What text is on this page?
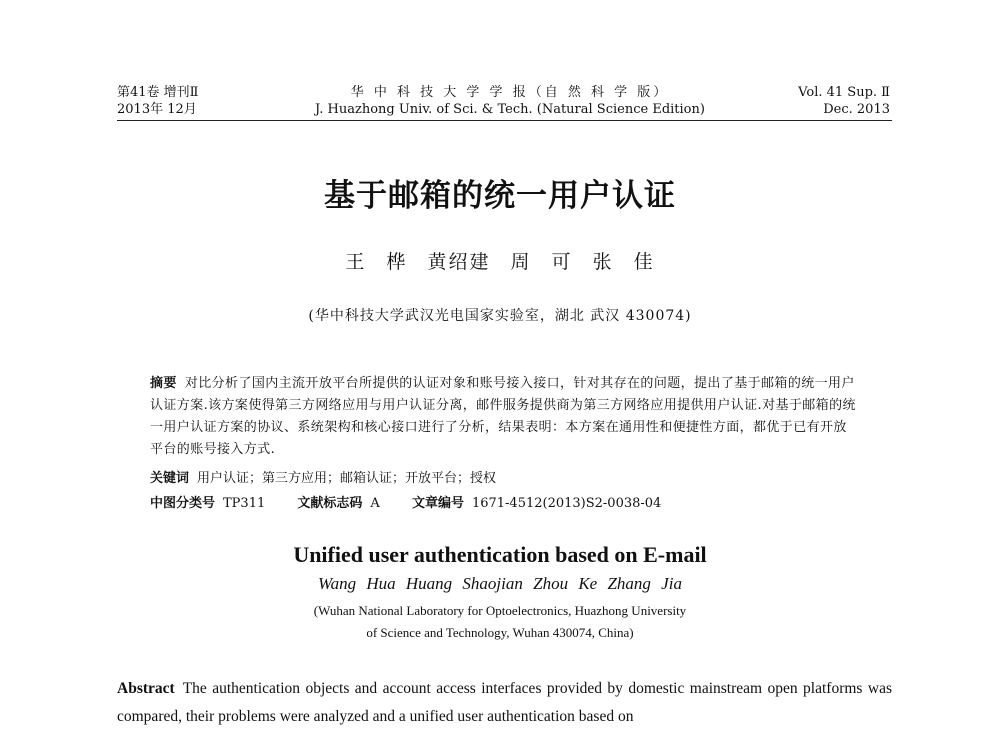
第41卷 增刊Ⅱ
2013年 12月
华 中 科 技 大 学 学 报（自 然 科 学 版）
J. Huazhong Univ. of Sci. & Tech. (Natural Science Edition)
Vol. 41 Sup. Ⅱ
Dec. 2013
基于邮箱的统一用户认证
王 桦 黄绍建 周 可 张 佳
(华中科技大学武汉光电国家实验室，湖北 武汉 430074)
摘要 对比分析了国内主流开放平台所提供的认证对象和账号接入接口，针对其存在的问题，提出了基于邮箱的统一用户认证方案.该方案使得第三方网络应用与用户认证分离，邮件服务提供商为第三方网络应用提供用户认证.对基于邮箱的统一用户认证方案的协议、系统架构和核心接口进行了分析，结果表明：本方案在通用性和便捷性方面，都优于已有开放平台的账号接入方式.
关键词 用户认证；第三方应用；邮箱认证；开放平台；授权
中图分类号 TP311 文献标志码 A 文章编号 1671-4512(2013)S2-0038-04
Unified user authentication based on E-mail
Wang Hua Huang Shaojian Zhou Ke Zhang Jia
(Wuhan National Laboratory for Optoelectronics, Huazhong University
of Science and Technology, Wuhan 430074, China)
Abstract The authentication objects and account access interfaces provided by domestic mainstream open platforms was compared, their problems were analyzed and a unified user authentication based on
